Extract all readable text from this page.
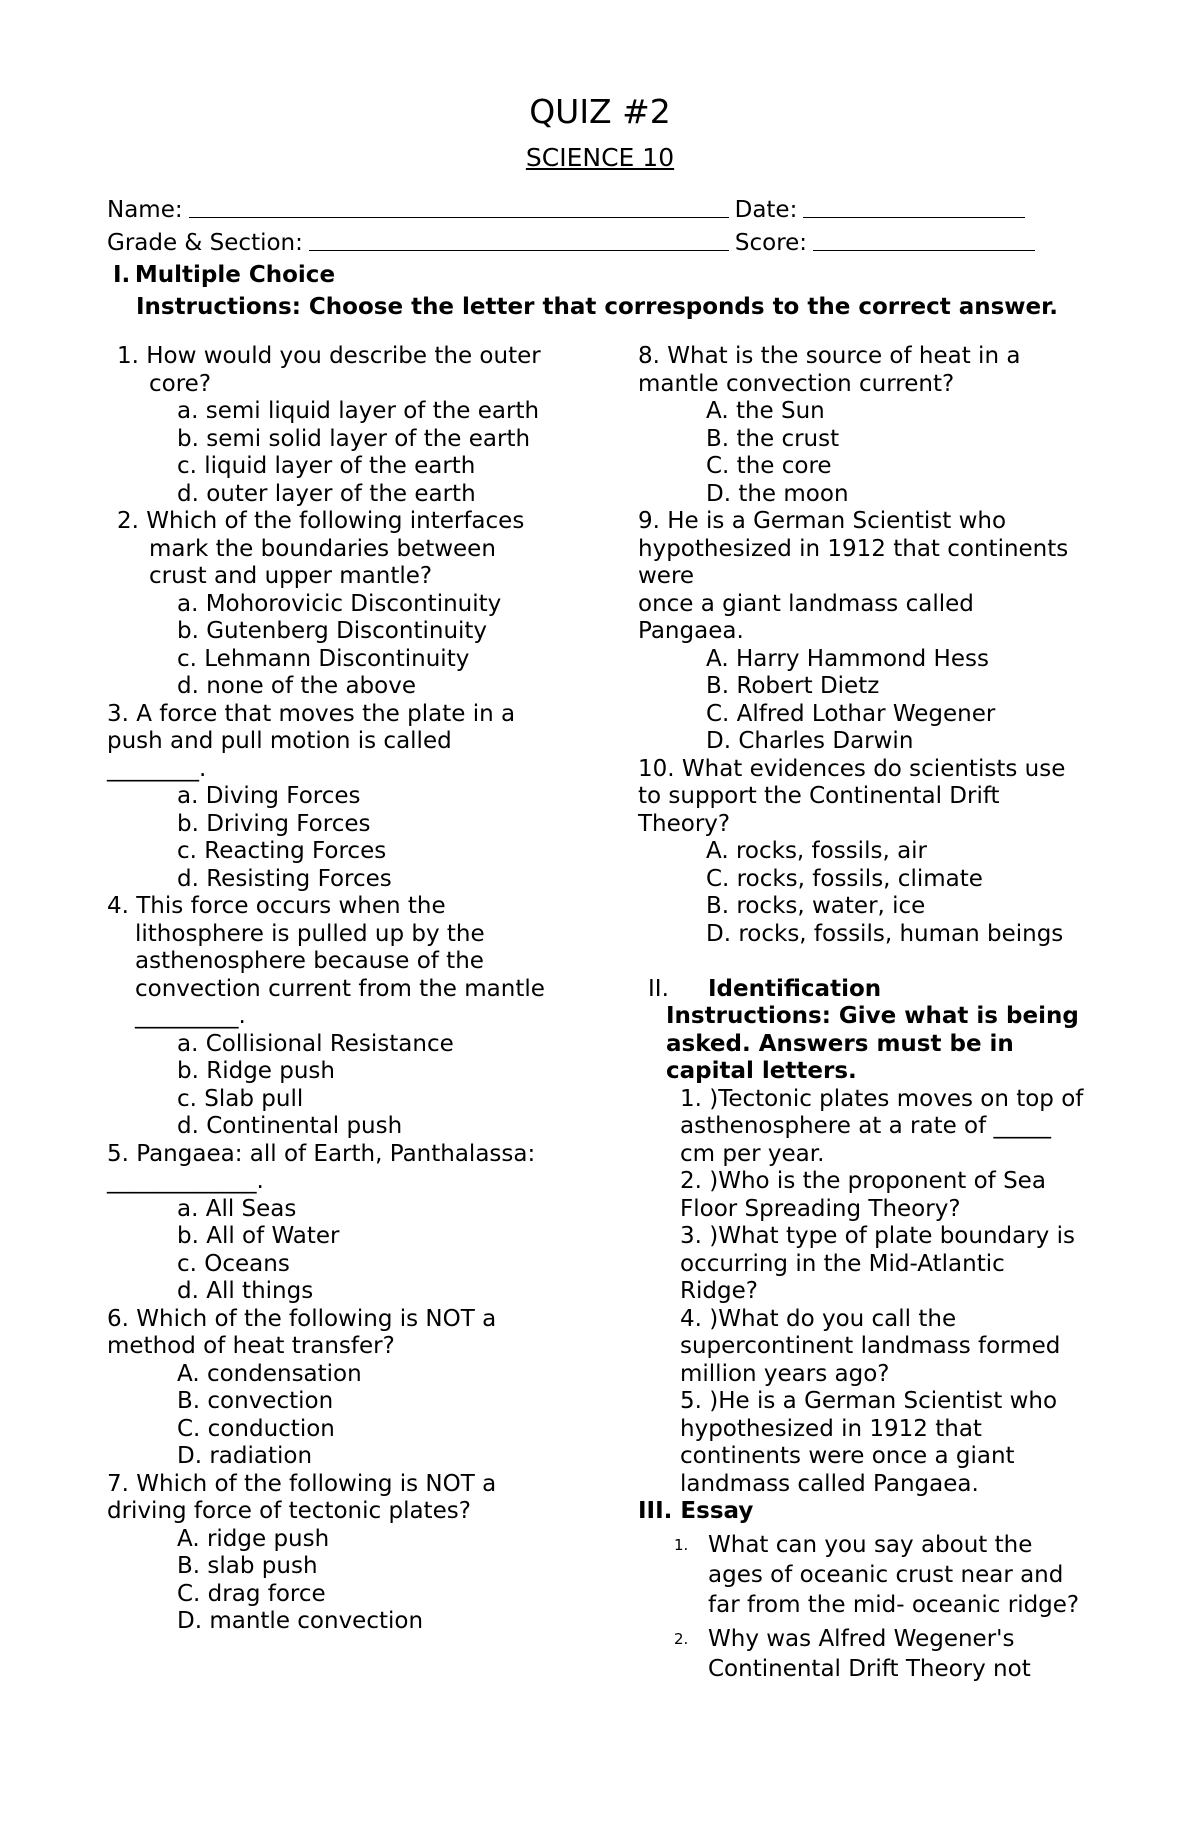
QUIZ #2
SCIENCE 10
Name:	Date:
Grade & Section:	Score:
I. Multiple Choice
Instructions: Choose the letter that corresponds to the correct answer.
1. How would you describe the outer
core?
a. semi liquid layer of the earth
b. semi solid layer of the earth
c. liquid layer of the earth
d. outer layer of the earth
2. Which of the following interfaces
mark the boundaries between
crust and upper mantle?
a. Mohorovicic Discontinuity
b. Gutenberg Discontinuity
c. Lehmann Discontinuity
d. none of the above
3. A force that moves the plate in a
push and pull motion is called
________.
a. Diving Forces
b. Driving Forces
c. Reacting Forces
d. Resisting Forces
4. This force occurs when the
lithosphere is pulled up by the
asthenosphere because of the
convection current from the mantle
_________.
a. Collisional Resistance
b. Ridge push
c. Slab pull
d. Continental push
5. Pangaea: all of Earth, Panthalassa:
_____________.
a. All Seas
b. All of Water
c. Oceans
d. All things
6. Which of the following is NOT a
method of heat transfer?
A. condensation
B. convection
C. conduction
D. radiation
7. Which of the following is NOT a
driving force of tectonic plates?
A. ridge push
B. slab push
C. drag force
D. mantle convection
8. What is the source of heat in a
mantle convection current?
A. the Sun
B. the crust
C. the core
D. the moon
9. He is a German Scientist who
hypothesized in 1912 that continents
were
once a giant landmass called
Pangaea.
A. Harry Hammond Hess
B. Robert Dietz
C. Alfred Lothar Wegener
D. Charles Darwin
10. What evidences do scientists use
to support the Continental Drift
Theory?
A. rocks, fossils, air
C. rocks, fossils, climate
B. rocks, water, ice
D. rocks, fossils, human beings
II.	Identification
Instructions: Give what is being
asked. Answers must be in
capital letters.
1. )Tectonic plates moves on top of
asthenosphere at a rate of _____
cm per year.
2. )Who is the proponent of Sea
Floor Spreading Theory?
3. )What type of plate boundary is
occurring in the Mid-Atlantic
Ridge?
4. )What do you call the
supercontinent landmass formed
million years ago?
5. )He is a German Scientist who
hypothesized in 1912 that
continents were once a giant
landmass called Pangaea.
III. Essay
1. What can you say about the
ages of oceanic crust near and
far from the mid- oceanic ridge?
2. Why was Alfred Wegener's
Continental Drift Theory not
